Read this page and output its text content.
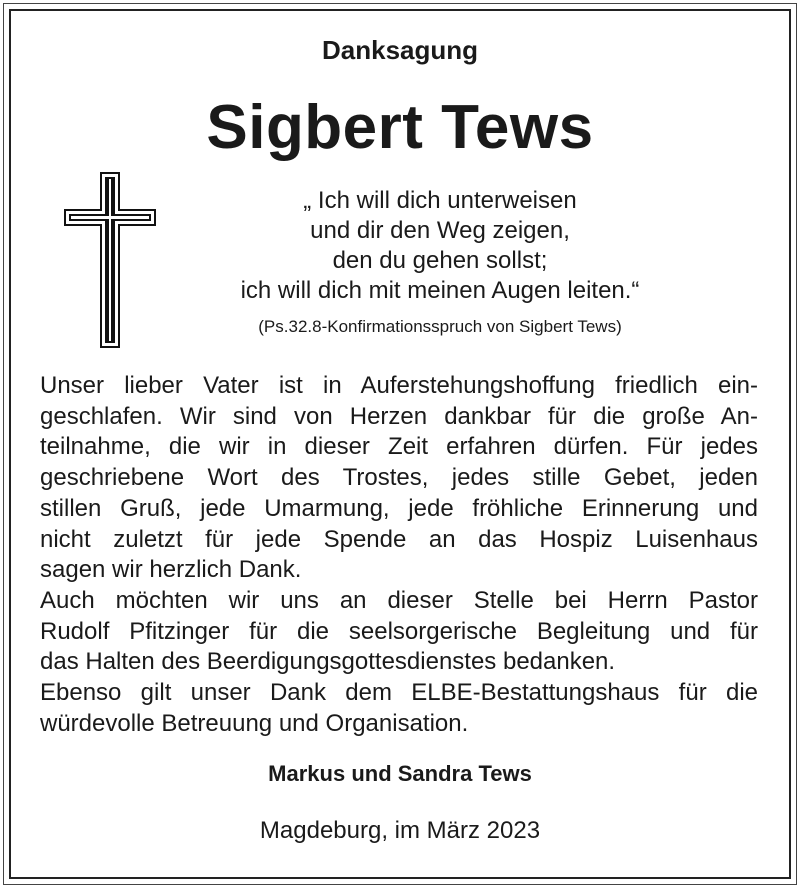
Danksagung
Sigbert Tews
„ Ich will dich unterweisen
und dir den Weg zeigen,
den du gehen sollst;
ich will dich mit meinen Augen leiten.“
(Ps.32.8-Konfirmationsspruch von Sigbert Tews)
Unser lieber Vater ist in Auferstehungshoffung friedlich ein-
geschlafen. Wir sind von Herzen dankbar für die große An-
teilnahme, die wir in dieser Zeit erfahren dürfen. Für jedes
geschriebene Wort des Trostes, jedes stille Gebet, jeden
stillen Gruß, jede Umarmung, jede fröhliche Erinnerung und
nicht zuletzt für jede Spende an das Hospiz Luisenhaus
sagen wir herzlich Dank.
Auch möchten wir uns an dieser Stelle bei Herrn Pastor
Rudolf Pfitzinger für die seelsorgerische Begleitung und für
das Halten des Beerdigungsgottesdienstes bedanken.
Ebenso gilt unser Dank dem ELBE-Bestattungshaus für die
würdevolle Betreuung und Organisation.
Markus und Sandra Tews
Magdeburg, im März 2023
